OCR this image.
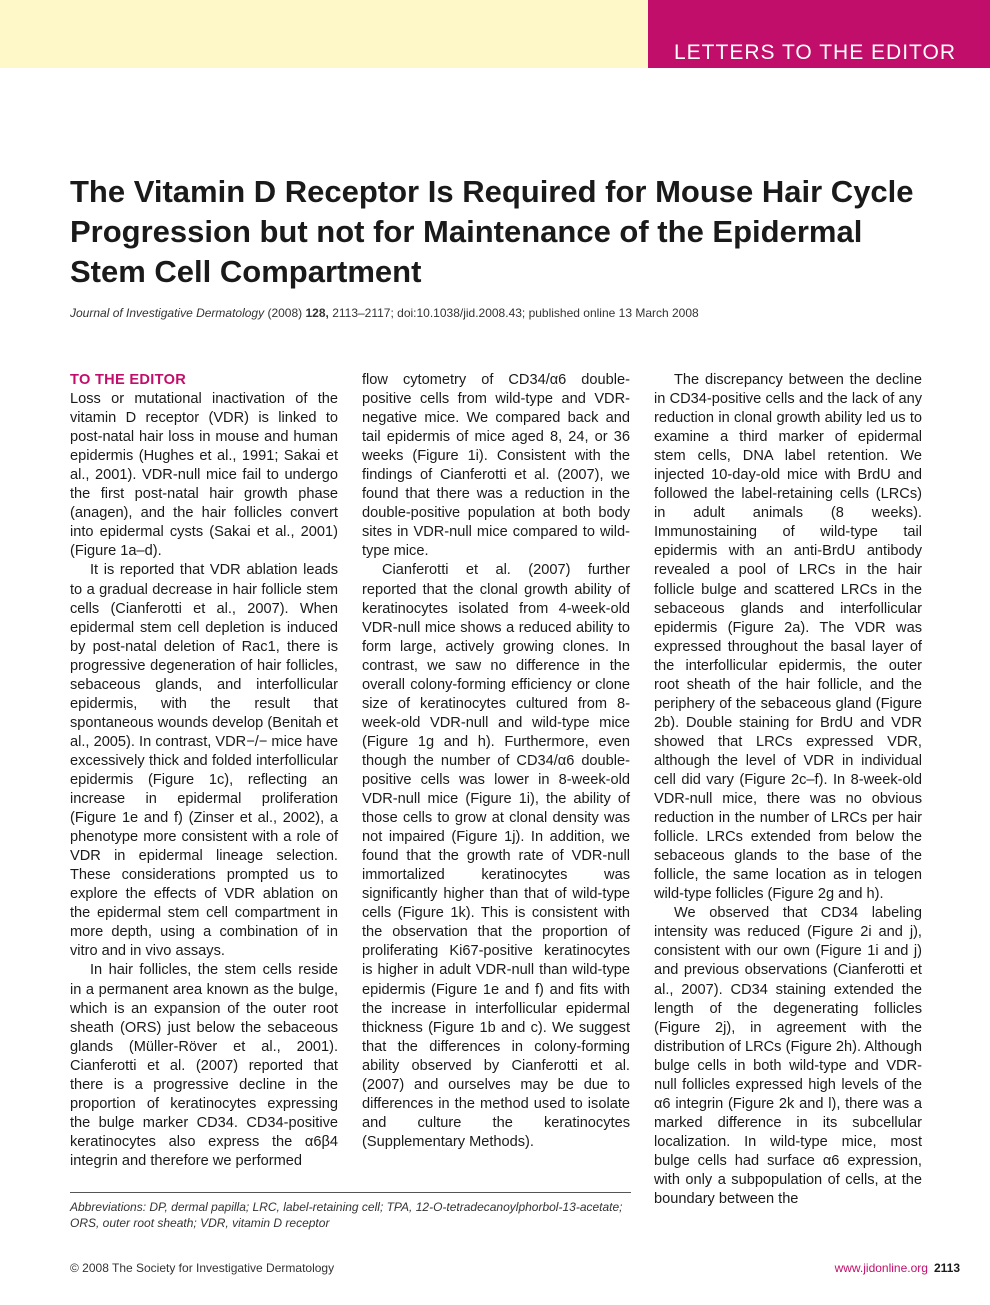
LETTERS TO THE EDITOR
The Vitamin D Receptor Is Required for Mouse Hair Cycle Progression but not for Maintenance of the Epidermal Stem Cell Compartment
Journal of Investigative Dermatology (2008) 128, 2113–2117; doi:10.1038/jid.2008.43; published online 13 March 2008
TO THE EDITOR

Loss or mutational inactivation of the vitamin D receptor (VDR) is linked to post-natal hair loss in mouse and human epidermis (Hughes et al., 1991; Sakai et al., 2001). VDR-null mice fail to undergo the first post-natal hair growth phase (anagen), and the hair follicles convert into epidermal cysts (Sakai et al., 2001) (Figure 1a–d).

It is reported that VDR ablation leads to a gradual decrease in hair follicle stem cells (Cianferotti et al., 2007). When epidermal stem cell depletion is induced by post-natal deletion of Rac1, there is progressive degeneration of hair follicles, sebaceous glands, and interfollicular epidermis, with the result that spontaneous wounds develop (Benitah et al., 2005). In contrast, VDR−/− mice have excessively thick and folded interfollicular epidermis (Figure 1c), reflecting an increase in epidermal proliferation (Figure 1e and f) (Zinser et al., 2002), a phenotype more consistent with a role of VDR in epidermal lineage selection. These considerations prompted us to explore the effects of VDR ablation on the epidermal stem cell compartment in more depth, using a combination of in vitro and in vivo assays.

In hair follicles, the stem cells reside in a permanent area known as the bulge, which is an expansion of the outer root sheath (ORS) just below the sebaceous glands (Müller-Röver et al., 2001). Cianferotti et al. (2007) reported that there is a progressive decline in the proportion of keratinocytes expressing the bulge marker CD34. CD34-positive keratinocytes also express the α6β4 integrin and therefore we performed

flow cytometry of CD34/α6 double-positive cells from wild-type and VDR-negative mice. We compared back and tail epidermis of mice aged 8, 24, or 36 weeks (Figure 1i). Consistent with the findings of Cianferotti et al. (2007), we found that there was a reduction in the double-positive population at both body sites in VDR-null mice compared to wild-type mice.

Cianferotti et al. (2007) further reported that the clonal growth ability of keratinocytes isolated from 4-week-old VDR-null mice shows a reduced ability to form large, actively growing clones. In contrast, we saw no difference in the overall colony-forming efficiency or clone size of keratinocytes cultured from 8-week-old VDR-null and wild-type mice (Figure 1g and h). Furthermore, even though the number of CD34/α6 double-positive cells was lower in 8-week-old VDR-null mice (Figure 1i), the ability of those cells to grow at clonal density was not impaired (Figure 1j). In addition, we found that the growth rate of VDR-null immortalized keratinocytes was significantly higher than that of wild-type cells (Figure 1k). This is consistent with the observation that the proportion of proliferating Ki67-positive keratinocytes is higher in adult VDR-null than wild-type epidermis (Figure 1e and f) and fits with the increase in interfollicular epidermal thickness (Figure 1b and c). We suggest that the differences in colony-forming ability observed by Cianferotti et al. (2007) and ourselves may be due to differences in the method used to isolate and culture the keratinocytes (Supplementary Methods).

The discrepancy between the decline in CD34-positive cells and the lack of any reduction in clonal growth ability led us to examine a third marker of epidermal stem cells, DNA label retention. We injected 10-day-old mice with BrdU and followed the label-retaining cells (LRCs) in adult animals (8 weeks). Immunostaining of wild-type tail epidermis with an anti-BrdU antibody revealed a pool of LRCs in the hair follicle bulge and scattered LRCs in the sebaceous glands and interfollicular epidermis (Figure 2a). The VDR was expressed throughout the basal layer of the interfollicular epidermis, the outer root sheath of the hair follicle, and the periphery of the sebaceous gland (Figure 2b). Double staining for BrdU and VDR showed that LRCs expressed VDR, although the level of VDR in individual cell did vary (Figure 2c–f). In 8-week-old VDR-null mice, there was no obvious reduction in the number of LRCs per hair follicle. LRCs extended from below the sebaceous glands to the base of the follicle, the same location as in telogen wild-type follicles (Figure 2g and h).

We observed that CD34 labeling intensity was reduced (Figure 2i and j), consistent with our own (Figure 1i and j) and previous observations (Cianferotti et al., 2007). CD34 staining extended the length of the degenerating follicles (Figure 2j), in agreement with the distribution of LRCs (Figure 2h). Although bulge cells in both wild-type and VDR-null follicles expressed high levels of the α6 integrin (Figure 2k and l), there was a marked difference in its subcellular localization. In wild-type mice, most bulge cells had surface α6 expression, with only a subpopulation of cells, at the boundary between the

Abbreviations: DP, dermal papilla; LRC, label-retaining cell; TPA, 12-O-tetradecanoylphorbol-13-acetate; ORS, outer root sheath; VDR, vitamin D receptor
© 2008 The Society for Investigative Dermatology	www.jidonline.org 2113
